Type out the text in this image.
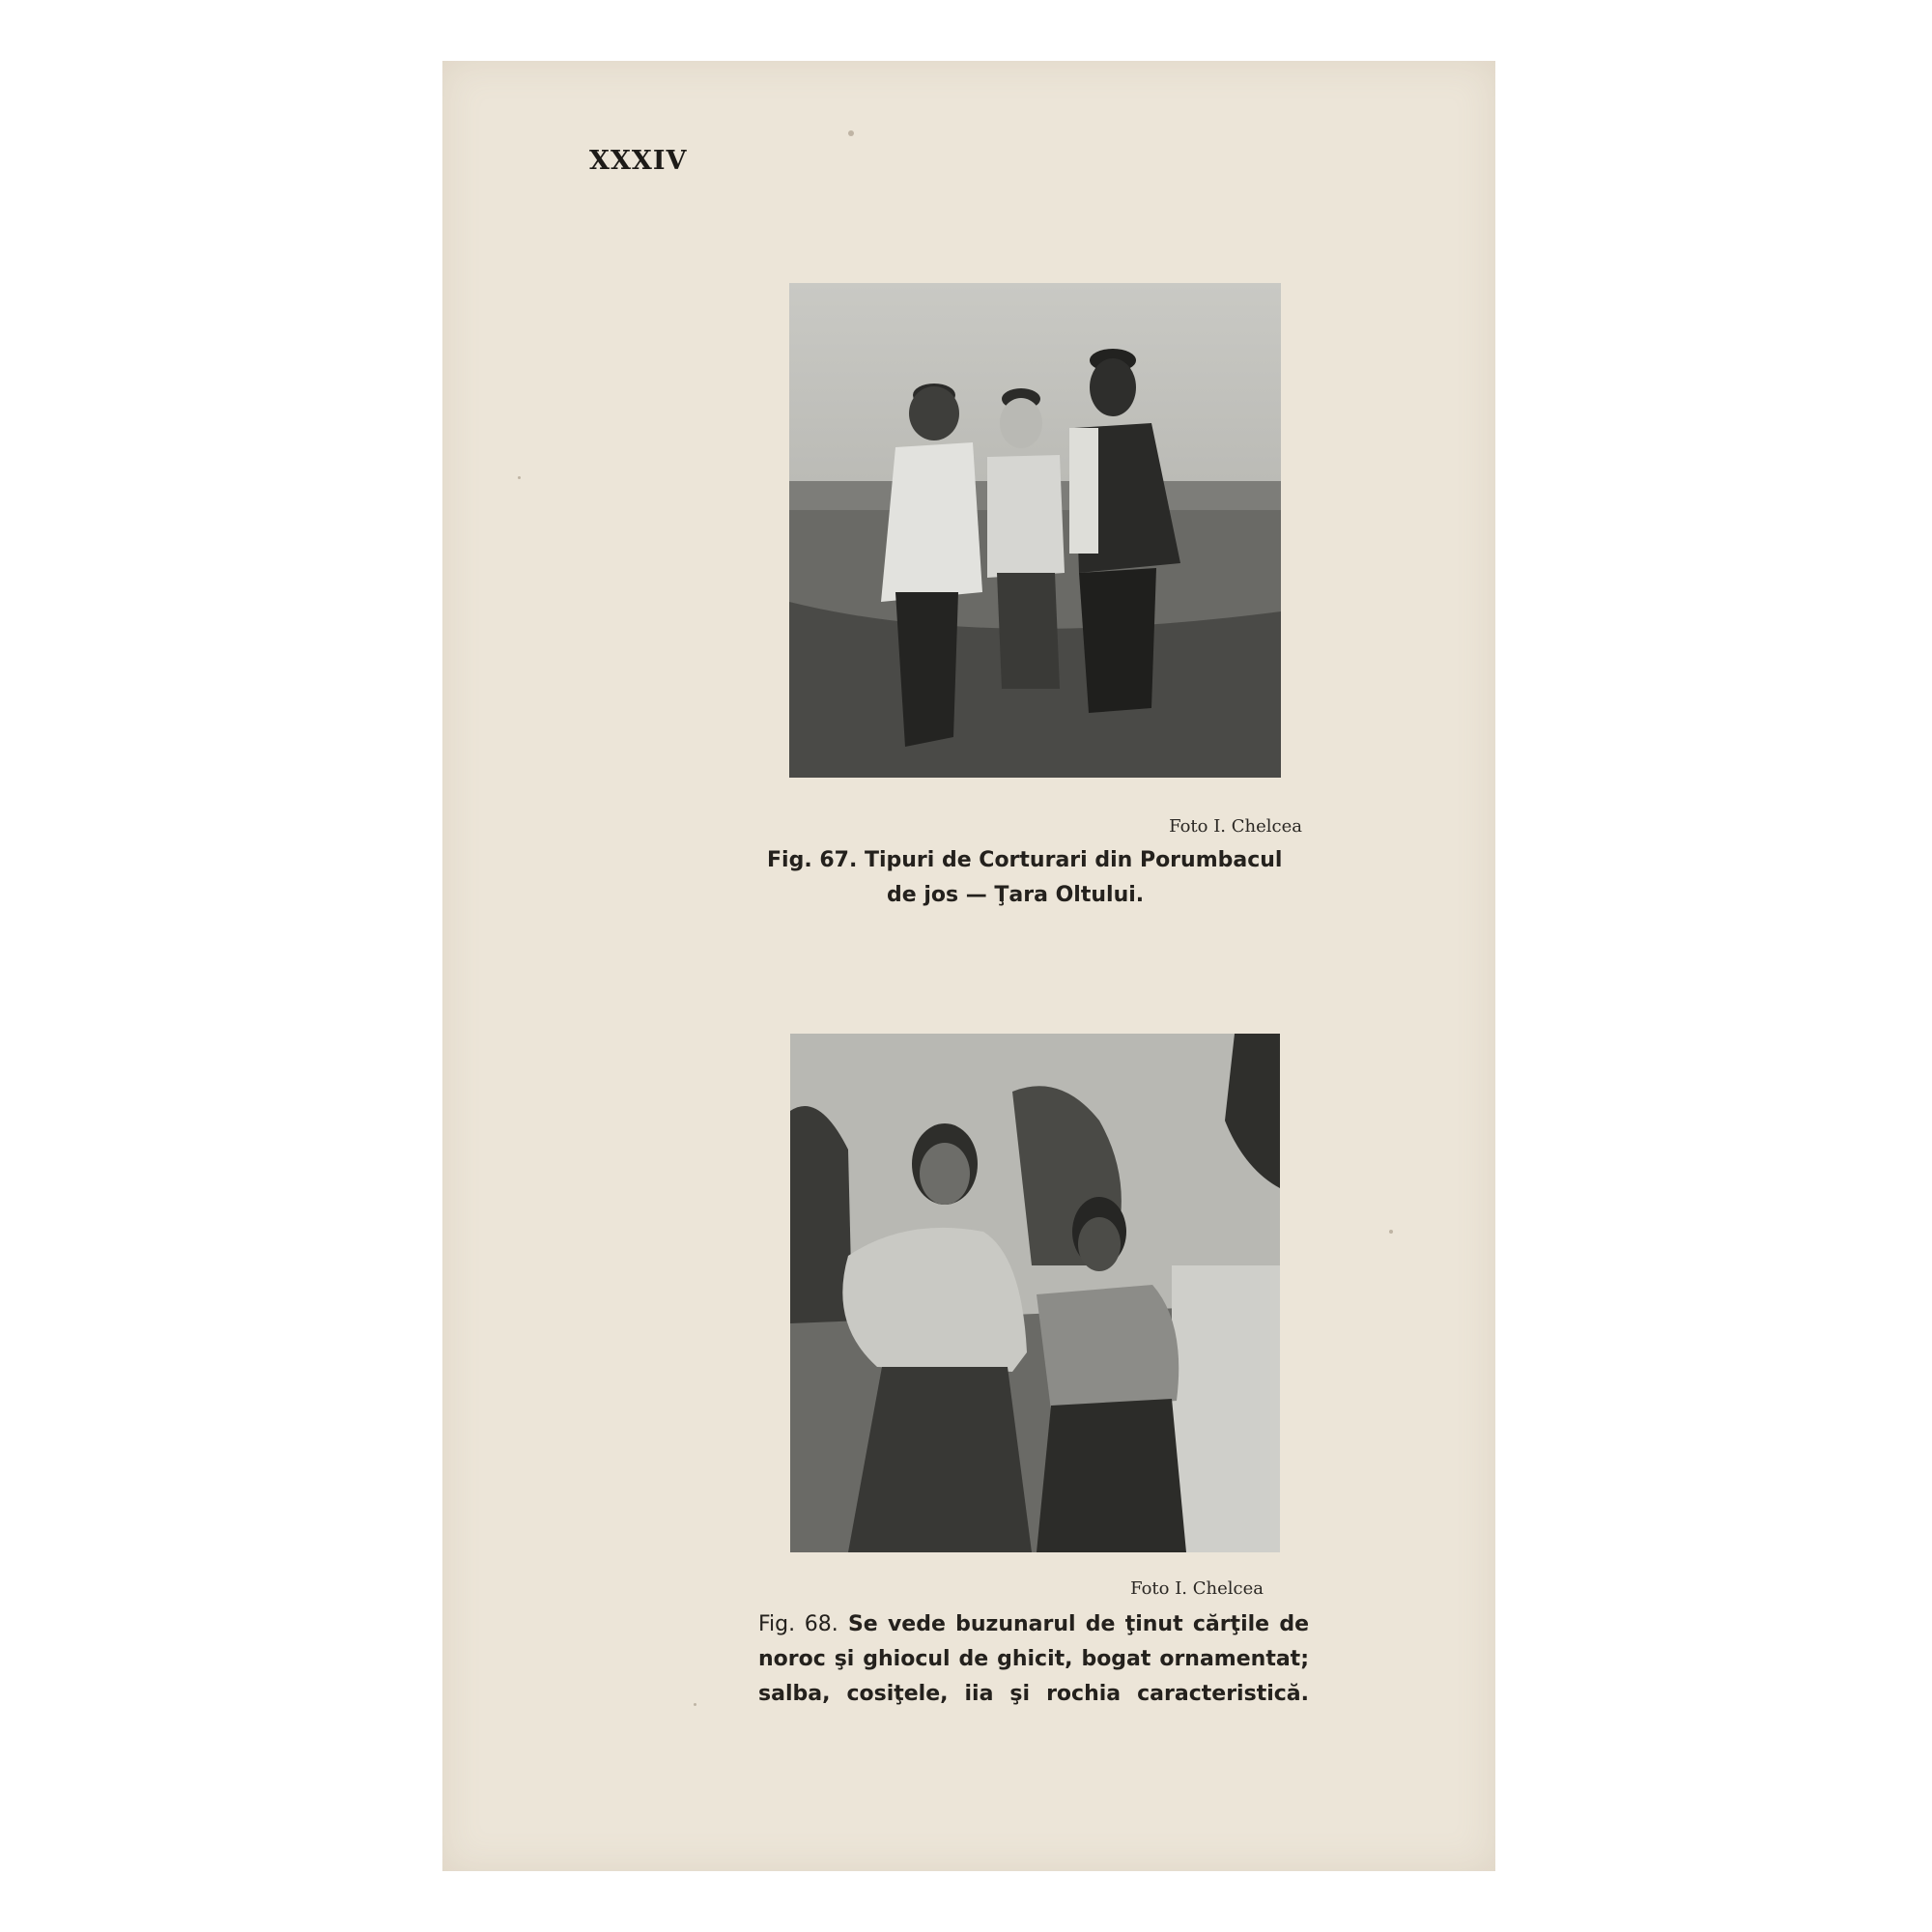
XXXIV
Foto I. Chelcea
Fig. 67. Tipuri de Corturari din Porumbacul
de jos — Ţara Oltului.
Foto I. Chelcea
Fig. 68. Se vede buzunarul de ţinut cărţile de
noroc şi ghiocul de ghicit, bogat ornamentat;
salba, cosiţele, iia şi rochia caracteristică.
